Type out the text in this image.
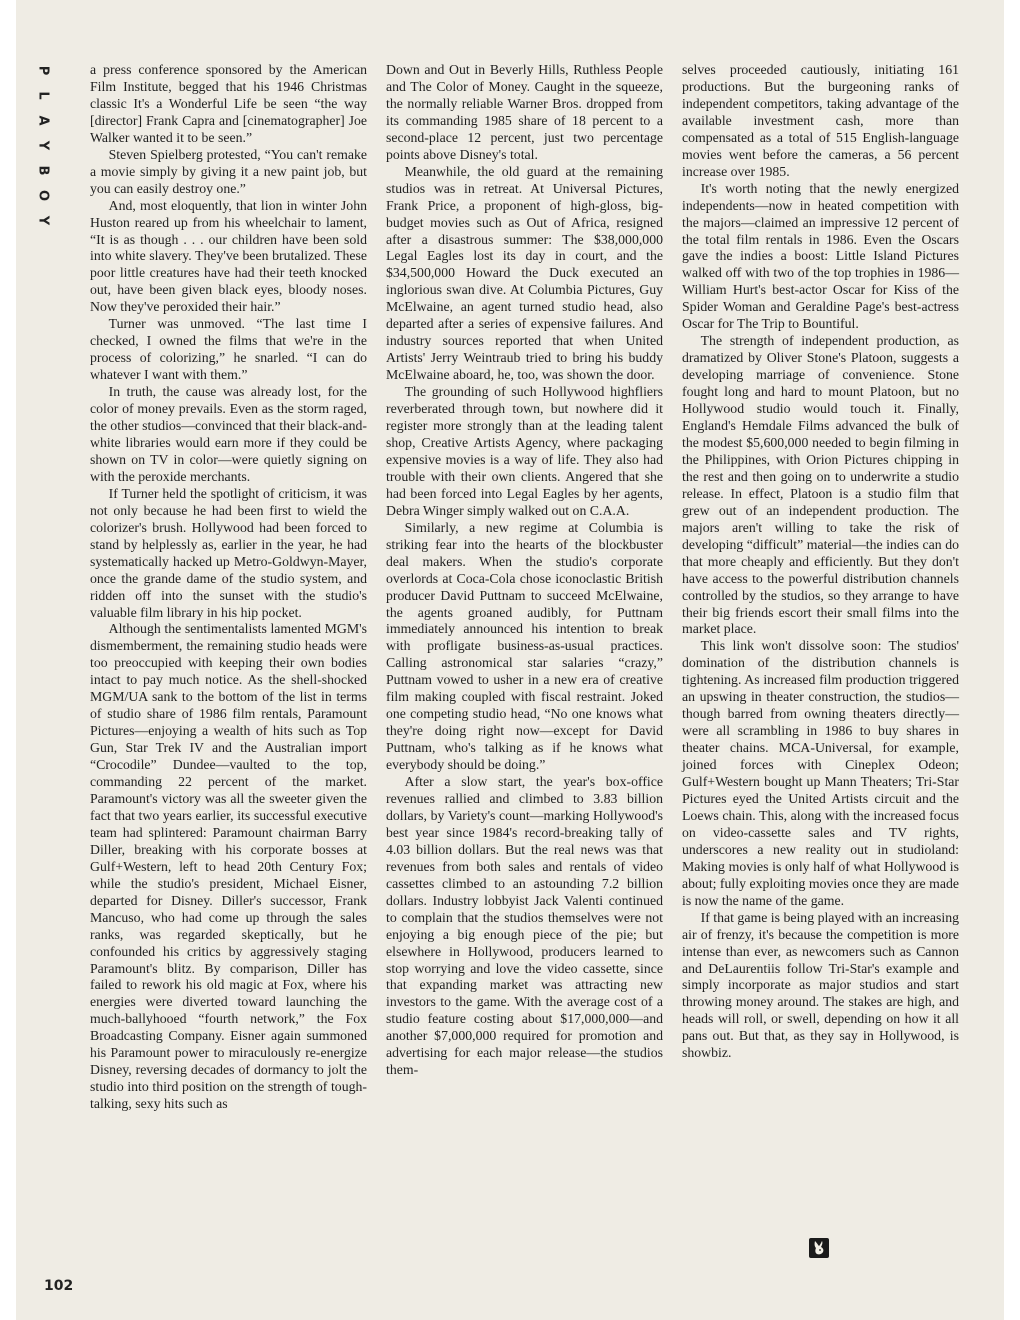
P
L
A
Y
B
O
Y

a press conference sponsored by the American Film Institute, begged that his 1946 Christmas classic It's a Wonderful Life be seen “the way [director] Frank Capra and [cinematographer] Joe Walker wanted it to be seen.”

Steven Spielberg protested, “You can't remake a movie simply by giving it a new paint job, but you can easily destroy one.”

And, most eloquently, that lion in winter John Huston reared up from his wheelchair to lament, “It is as though . . . our children have been sold into white slavery. They've been brutalized. These poor little creatures have had their teeth knocked out, have been given black eyes, bloody noses. Now they've peroxided their hair.”

Turner was unmoved. “The last time I checked, I owned the films that we're in the process of colorizing,” he snarled. “I can do whatever I want with them.”

In truth, the cause was already lost, for the color of money prevails. Even as the storm raged, the other studios—convinced that their black-and-white libraries would earn more if they could be shown on TV in color—were quietly signing on with the peroxide merchants.

If Turner held the spotlight of criticism, it was not only because he had been first to wield the colorizer's brush. Hollywood had been forced to stand by helplessly as, earlier in the year, he had systematically hacked up Metro-Goldwyn-Mayer, once the grande dame of the studio system, and ridden off into the sunset with the studio's valuable film library in his hip pocket.

Although the sentimentalists lamented MGM's dismemberment, the remaining studio heads were too preoccupied with keeping their own bodies intact to pay much notice. As the shell-shocked MGM/UA sank to the bottom of the list in terms of studio share of 1986 film rentals, Paramount Pictures—enjoying a wealth of hits such as Top Gun, Star Trek IV and the Australian import “Crocodile” Dundee—vaulted to the top, commanding 22 percent of the market. Paramount's victory was all the sweeter given the fact that two years earlier, its successful executive team had splintered: Paramount chairman Barry Diller, breaking with his corporate bosses at Gulf+Western, left to head 20th Century Fox; while the studio's president, Michael Eisner, departed for Disney. Diller's successor, Frank Mancuso, who had come up through the sales ranks, was regarded skeptically, but he confounded his critics by aggressively staging Paramount's blitz. By comparison, Diller has failed to rework his old magic at Fox, where his energies were diverted toward launching the much-ballyhooed “fourth network,” the Fox Broadcasting Company. Eisner again summoned his Paramount power to miraculously re-energize Disney, reversing decades of dormancy to jolt the studio into third position on the strength of tough-talking, sexy hits such as

Down and Out in Beverly Hills, Ruthless People and The Color of Money. Caught in the squeeze, the normally reliable Warner Bros. dropped from its commanding 1985 share of 18 percent to a second-place 12 percent, just two percentage points above Disney's total.

Meanwhile, the old guard at the remaining studios was in retreat. At Universal Pictures, Frank Price, a proponent of high-gloss, big-budget movies such as Out of Africa, resigned after a disastrous summer: The $38,000,000 Legal Eagles lost its day in court, and the $34,500,000 Howard the Duck executed an inglorious swan dive. At Columbia Pictures, Guy McElwaine, an agent turned studio head, also departed after a series of expensive failures. And industry sources reported that when United Artists' Jerry Weintraub tried to bring his buddy McElwaine aboard, he, too, was shown the door.

The grounding of such Hollywood highfliers reverberated through town, but nowhere did it register more strongly than at the leading talent shop, Creative Artists Agency, where packaging expensive movies is a way of life. They also had trouble with their own clients. Angered that she had been forced into Legal Eagles by her agents, Debra Winger simply walked out on C.A.A.

Similarly, a new regime at Columbia is striking fear into the hearts of the blockbuster deal makers. When the studio's corporate overlords at Coca-Cola chose iconoclastic British producer David Puttnam to succeed McElwaine, the agents groaned audibly, for Puttnam immediately announced his intention to break with profligate business-as-usual practices. Calling astronomical star salaries “crazy,” Puttnam vowed to usher in a new era of creative film making coupled with fiscal restraint. Joked one competing studio head, “No one knows what they're doing right now—except for David Puttnam, who's talking as if he knows what everybody should be doing.”

After a slow start, the year's box-office revenues rallied and climbed to 3.83 billion dollars, by Variety's count—marking Hollywood's best year since 1984's record-breaking tally of 4.03 billion dollars. But the real news was that revenues from both sales and rentals of video cassettes climbed to an astounding 7.2 billion dollars. Industry lobbyist Jack Valenti continued to complain that the studios themselves were not enjoying a big enough piece of the pie; but elsewhere in Hollywood, producers learned to stop worrying and love the video cassette, since that expanding market was attracting new investors to the game. With the average cost of a studio feature costing about $17,000,000—and another $7,000,000 required for promotion and advertising for each major release—the studios them-

selves proceeded cautiously, initiating 161 productions. But the burgeoning ranks of independent competitors, taking advantage of the available investment cash, more than compensated as a total of 515 English-language movies went before the cameras, a 56 percent increase over 1985.

It's worth noting that the newly energized independents—now in heated competition with the majors—claimed an impressive 12 percent of the total film rentals in 1986. Even the Oscars gave the indies a boost: Little Island Pictures walked off with two of the top trophies in 1986—William Hurt's best-actor Oscar for Kiss of the Spider Woman and Geraldine Page's best-actress Oscar for The Trip to Bountiful.

The strength of independent production, as dramatized by Oliver Stone's Platoon, suggests a developing marriage of convenience. Stone fought long and hard to mount Platoon, but no Hollywood studio would touch it. Finally, England's Hemdale Films advanced the bulk of the modest $5,600,000 needed to begin filming in the Philippines, with Orion Pictures chipping in the rest and then going on to underwrite a studio release. In effect, Platoon is a studio film that grew out of an independent production. The majors aren't willing to take the risk of developing “difficult” material—the indies can do that more cheaply and efficiently. But they don't have access to the powerful distribution channels controlled by the studios, so they arrange to have their big friends escort their small films into the market place.

This link won't dissolve soon: The studios' domination of the distribution channels is tightening. As increased film production triggered an upswing in theater construction, the studios—though barred from owning theaters directly—were all scrambling in 1986 to buy shares in theater chains. MCA-Universal, for example, joined forces with Cineplex Odeon; Gulf+Western bought up Mann Theaters; Tri-Star Pictures eyed the United Artists circuit and the Loews chain. This, along with the increased focus on video-cassette sales and TV rights, underscores a new reality out in studioland: Making movies is only half of what Hollywood is about; fully exploiting movies once they are made is now the name of the game.

If that game is being played with an increasing air of frenzy, it's because the competition is more intense than ever, as newcomers such as Cannon and DeLaurentiis follow Tri-Star's example and simply incorporate as major studios and start throwing money around. The stakes are high, and heads will roll, or swell, depending on how it all pans out. But that, as they say in Hollywood, is showbiz.

102
